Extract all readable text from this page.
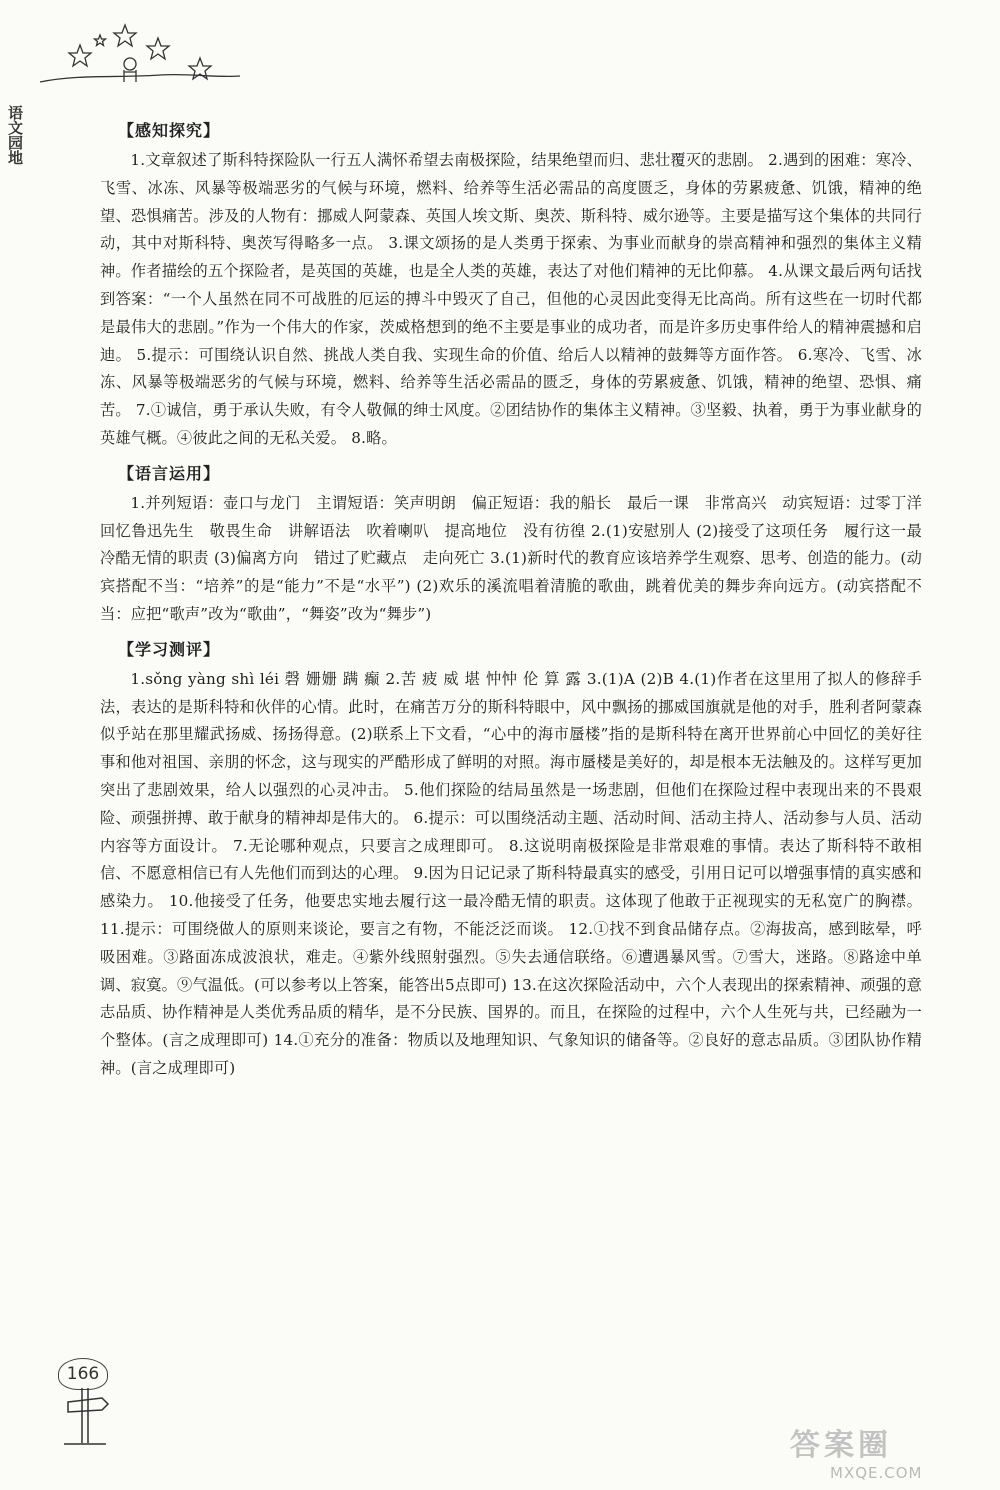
语文园地
【感知探究】

1.文章叙述了斯科特探险队一行五人满怀希望去南极探险，结果绝望而归、悲壮覆灭的悲剧。 2.遇到的困难：寒冷、飞雪、冰冻、风暴等极端恶劣的气候与环境，燃料、给养等生活必需品的高度匮乏，身体的劳累疲惫、饥饿，精神的绝望、恐惧痛苦。涉及的人物有：挪威人阿蒙森、英国人埃文斯、奥茨、斯科特、威尔逊等。主要是描写这个集体的共同行动，其中对斯科特、奥茨写得略多一点。 3.课文颂扬的是人类勇于探索、为事业而献身的崇高精神和强烈的集体主义精神。作者描绘的五个探险者，是英国的英雄，也是全人类的英雄，表达了对他们精神的无比仰慕。 4.从课文最后两句话找到答案：“一个人虽然在同不可战胜的厄运的搏斗中毁灭了自己，但他的心灵因此变得无比高尚。所有这些在一切时代都是最伟大的悲剧。”作为一个伟大的作家，茨威格想到的绝不主要是事业的成功者，而是许多历史事件给人的精神震撼和启迪。 5.提示：可围绕认识自然、挑战人类自我、实现生命的价值、给后人以精神的鼓舞等方面作答。 6.寒冷、飞雪、冰冻、风暴等极端恶劣的气候与环境，燃料、给养等生活必需品的匮乏，身体的劳累疲惫、饥饿，精神的绝望、恐惧、痛苦。 7.①诚信，勇于承认失败，有令人敬佩的绅士风度。②团结协作的集体主义精神。③坚毅、执着，勇于为事业献身的英雄气概。④彼此之间的无私关爱。 8.略。

【语言运用】

1.并列短语：壶口与龙门　主谓短语：笑声明朗　偏正短语：我的船长　最后一课　非常高兴　动宾短语：过零丁洋　回忆鲁迅先生　敬畏生命　讲解语法　吹着喇叭　提高地位　没有彷徨 2.(1)安慰别人 (2)接受了这项任务　履行这一最冷酷无情的职责 (3)偏离方向　错过了贮藏点　走向死亡 3.(1)新时代的教育应该培养学生观察、思考、创造的能力。(动宾搭配不当：“培养”的是“能力”不是“水平”) (2)欢乐的溪流唱着清脆的歌曲，跳着优美的舞步奔向远方。(动宾搭配不当：应把“歌声”改为“歌曲”，“舞姿”改为“舞步”)

【学习测评】

1.sǒng yàng shì léi 磬 姗姗 蹒 癫 2.苦 疲 威 堪 忡忡 伦 算 露 3.(1)A (2)B 4.(1)作者在这里用了拟人的修辞手法，表达的是斯科特和伙伴的心情。此时，在痛苦万分的斯科特眼中，风中飘扬的挪威国旗就是他的对手，胜利者阿蒙森似乎站在那里耀武扬威、扬扬得意。(2)联系上下文看，“心中的海市蜃楼”指的是斯科特在离开世界前心中回忆的美好往事和他对祖国、亲朋的怀念，这与现实的严酷形成了鲜明的对照。海市蜃楼是美好的，却是根本无法触及的。这样写更加突出了悲剧效果，给人以强烈的心灵冲击。 5.他们探险的结局虽然是一场悲剧，但他们在探险过程中表现出来的不畏艰险、顽强拼搏、敢于献身的精神却是伟大的。 6.提示：可以围绕活动主题、活动时间、活动主持人、活动参与人员、活动内容等方面设计。 7.无论哪种观点，只要言之成理即可。 8.这说明南极探险是非常艰难的事情。表达了斯科特不敢相信、不愿意相信已有人先他们而到达的心理。 9.因为日记记录了斯科特最真实的感受，引用日记可以增强事情的真实感和感染力。 10.他接受了任务，他要忠实地去履行这一最冷酷无情的职责。这体现了他敢于正视现实的无私宽广的胸襟。 11.提示：可围绕做人的原则来谈论，要言之有物，不能泛泛而谈。 12.①找不到食品储存点。②海拔高，感到眩晕，呼吸困难。③路面冻成波浪状，难走。④紫外线照射强烈。⑤失去通信联络。⑥遭遇暴风雪。⑦雪大，迷路。⑧路途中单调、寂寞。⑨气温低。(可以参考以上答案，能答出5点即可) 13.在这次探险活动中，六个人表现出的探索精神、顽强的意志品质、协作精神是人类优秀品质的精华，是不分民族、国界的。而且，在探险的过程中，六个人生死与共，已经融为一个整体。(言之成理即可) 14.①充分的准备：物质以及地理知识、气象知识的储备等。②良好的意志品质。③团队协作精神。(言之成理即可)

166
答案圈
MXQE.COM
